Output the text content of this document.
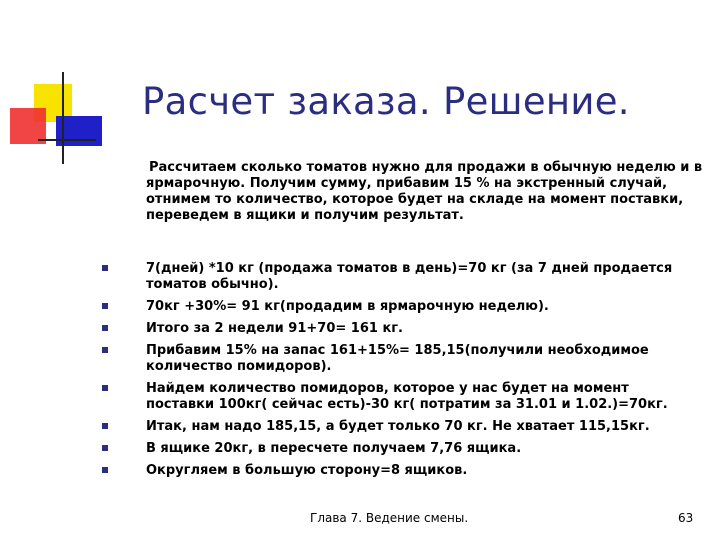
Расчет заказа. Решение.

Рассчитаем сколько томатов нужно для продажи в обычную неделю и в ярмарочную. Получим сумму, прибавим 15 % на экстренный случай, отнимем то количество, которое будет на складе на момент поставки, переведем в ящики и получим результат.

7(дней) *10 кг (продажа томатов в день)=70 кг (за 7 дней продается томатов обычно).
70кг +30%= 91 кг(продадим в ярмарочную неделю).
Итого за 2 недели 91+70= 161 кг.
Прибавим 15% на запас 161+15%= 185,15(получили необходимое количество помидоров).
Найдем количество помидоров, которое у нас будет на момент поставки 100кг( сейчас есть)-30 кг( потратим за 31.01 и 1.02.)=70кг.
Итак, нам надо 185,15, а будет только 70 кг. Не хватает 115,15кг.
В ящике 20кг, в пересчете получаем 7,76 ящика.
Округляем в большую сторону=8 ящиков.
Глава 7. Ведение смены.	63
